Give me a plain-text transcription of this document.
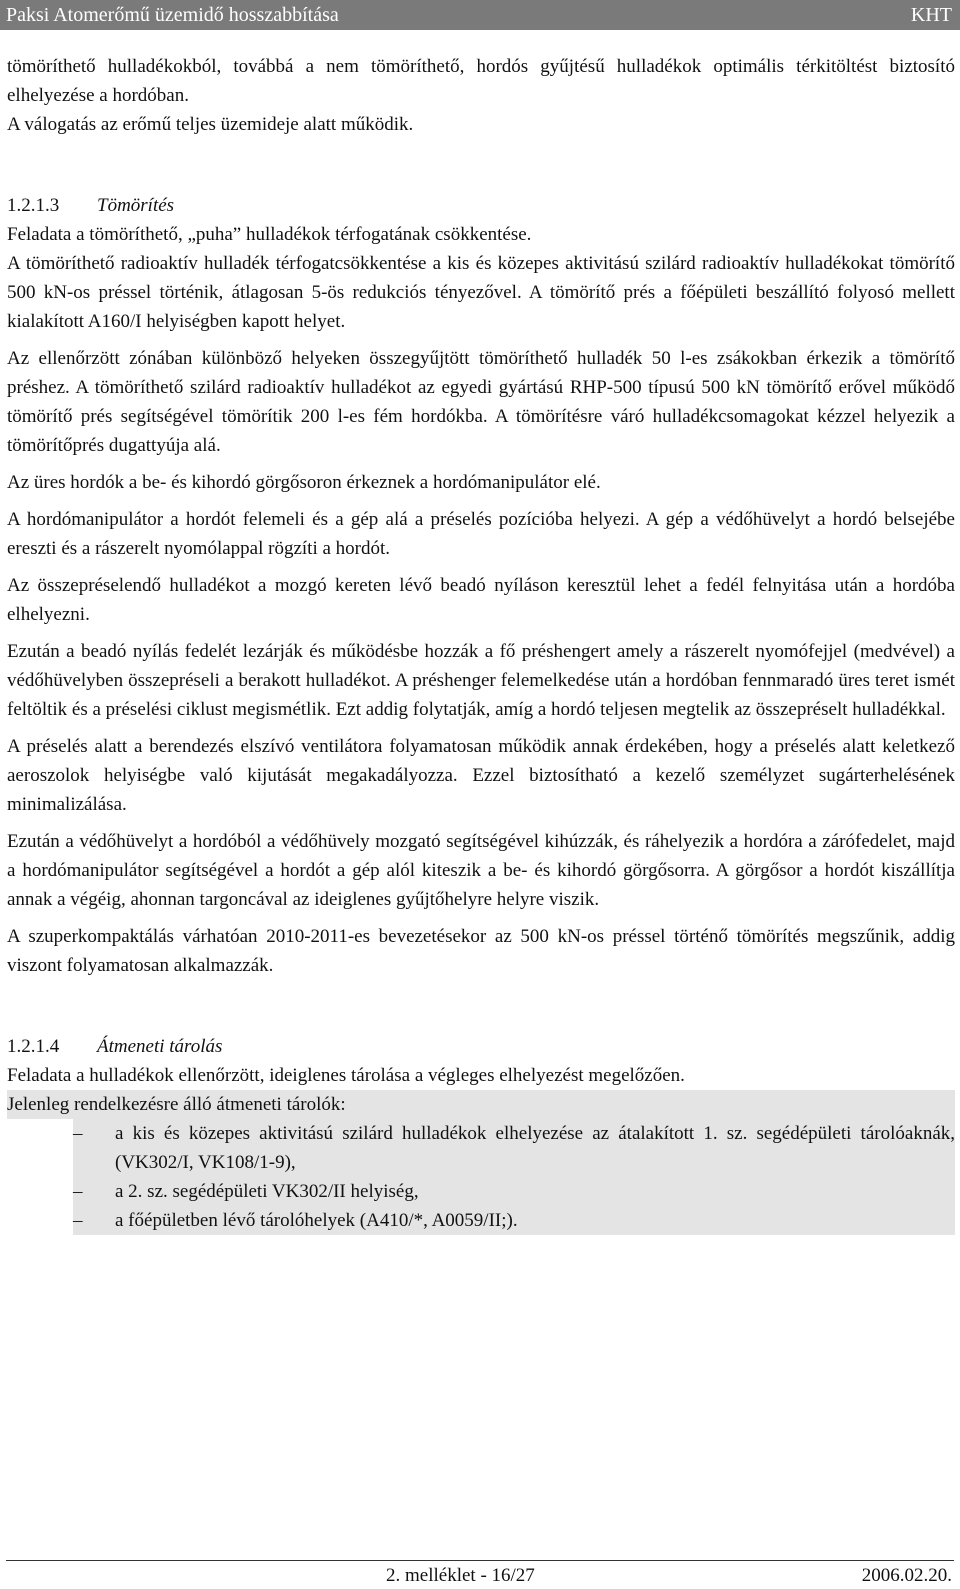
Paksi Atomerőmű üzemidő hosszabbítása	KHT

tömöríthető hulladékokból, továbbá a nem tömöríthető, hordós gyűjtésű hulladékok optimális térkitöltést biztosító elhelyezése a hordóban.

A válogatás az erőmű teljes üzemideje alatt működik.

1.2.1.3 Tömörítés

Feladata a tömöríthető, „puha” hulladékok térfogatának csökkentése.

A tömöríthető radioaktív hulladék térfogatcsökkentése a kis és közepes aktivitású szilárd radioaktív hulladékokat tömörítő 500 kN-os préssel történik, átlagosan 5-ös redukciós tényezővel. A tömörítő prés a főépületi beszállító folyosó mellett kialakított A160/I helyiségben kapott helyet.

Az ellenőrzött zónában különböző helyeken összegyűjtött tömöríthető hulladék 50 l-es zsákokban érkezik a tömörítő préshez. A tömöríthető szilárd radioaktív hulladékot az egyedi gyártású RHP-500 típusú 500 kN tömörítő erővel működő tömörítő prés segítségével tömörítik 200 l-es fém hordókba. A tömörítésre váró hulladékcsomagokat kézzel helyezik a tömörítőprés dugattyúja alá.

Az üres hordók a be- és kihordó görgősoron érkeznek a hordómanipulátor elé.

A hordómanipulátor a hordót felemeli és a gép alá a préselés pozícióba helyezi. A gép a védőhüvelyt a hordó belsejébe ereszti és a rászerelt nyomólappal rögzíti a hordót.

Az összepréselendő hulladékot a mozgó kereten lévő beadó nyíláson keresztül lehet a fedél felnyitása után a hordóba elhelyezni.

Ezután a beadó nyílás fedelét lezárják és működésbe hozzák a fő préshengert amely a rászerelt nyomófejjel (medvével) a védőhüvelyben összepréseli a berakott hulladékot. A préshenger felemelkedése után a hordóban fennmaradó üres teret ismét feltöltik és a préselési ciklust megismétlik. Ezt addig folytatják, amíg a hordó teljesen megtelik az összepréselt hulladékkal.

A préselés alatt a berendezés elszívó ventilátora folyamatosan működik annak érdekében, hogy a préselés alatt keletkező aeroszolok helyiségbe való kijutását megakadályozza. Ezzel biztosítható a kezelő személyzet sugárterhelésének minimalizálása.

Ezután a védőhüvelyt a hordóból a védőhüvely mozgató segítségével kihúzzák, és ráhelyezik a hordóra a zárófedelet, majd a hordómanipulátor segítségével a hordót a gép alól kiteszik a be- és kihordó görgősorra. A görgősor a hordót kiszállítja annak a végéig, ahonnan targoncával az ideiglenes gyűjtőhelyre helyre viszik.

A szuperkompaktálás várhatóan 2010-2011-es bevezetésekor az 500 kN-os préssel történő tömörítés megszűnik, addig viszont folyamatosan alkalmazzák.

1.2.1.4 Átmeneti tárolás

Feladata a hulladékok ellenőrzött, ideiglenes tárolása a végleges elhelyezést megelőzően.

Jelenleg rendelkezésre álló átmeneti tárolók:

–	a kis és közepes aktivitású szilárd hulladékok elhelyezése az átalakított 1. sz. segédépületi tárolóaknák, (VK302/I, VK108/1-9),
–	a 2. sz. segédépületi VK302/II helyiség,
–	a főépületben lévő tárolóhelyek (A410/*, A0059/II;).
2. melléklet - 16/27	2006.02.20.
